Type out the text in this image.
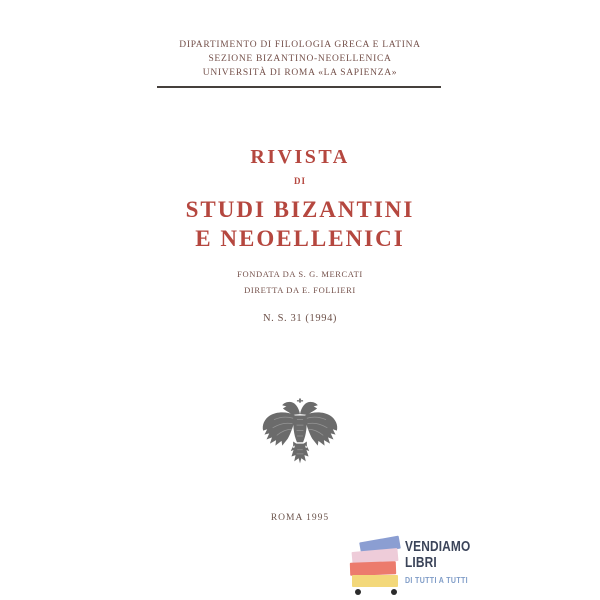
DIPARTIMENTO DI FILOLOGIA GRECA E LATINA
SEZIONE BIZANTINO-NEOELLENICA
UNIVERSITÀ DI ROMA «LA SAPIENZA»
RIVISTA
DI
STUDI BIZANTINI
E NEOELLENICI
FONDATA DA S. G. MERCATI
DIRETTA DA E. FOLLIERI
N. S. 31 (1994)
ROMA 1995
VENDIAMO
LIBRI
DI TUTTI A TUTTI
